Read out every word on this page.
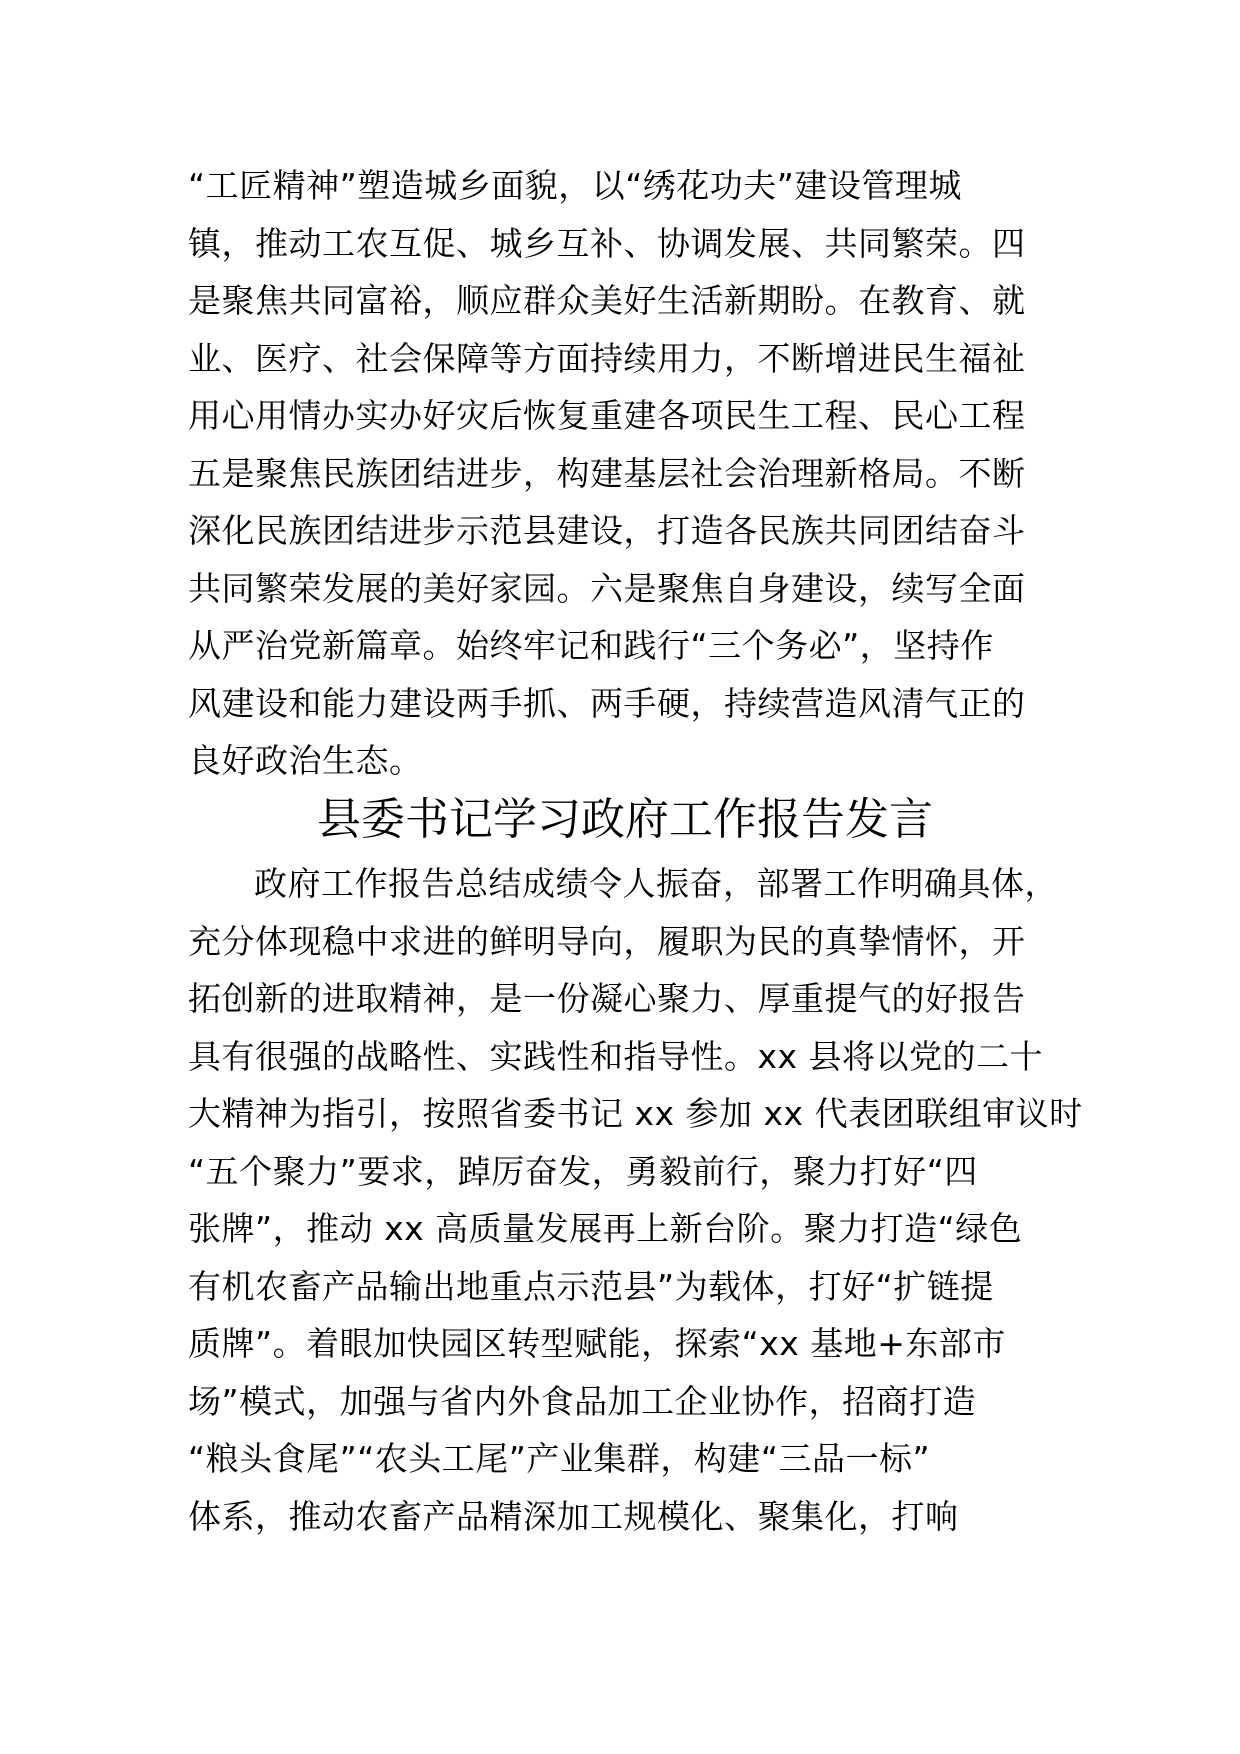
“工匠精神”塑造城乡面貌，以“绣花功夫”建设管理城
镇，推动工农互促、城乡互补、协调发展、共同繁荣。四
是聚焦共同富裕，顺应群众美好生活新期盼。在教育、就
业、医疗、社会保障等方面持续用力，不断增进民生福祉
用心用情办实办好灾后恢复重建各项民生工程、民心工程
五是聚焦民族团结进步，构建基层社会治理新格局。不断
深化民族团结进步示范县建设，打造各民族共同团结奋斗
共同繁荣发展的美好家园。六是聚焦自身建设，续写全面
从严治党新篇章。始终牢记和践行“三个务必”，坚持作
风建设和能力建设两手抓、两手硬，持续营造风清气正的
良好政治生态。
县委书记学习政府工作报告发言
政府工作报告总结成绩令人振奋，部署工作明确具体，
充分体现稳中求进的鲜明导向，履职为民的真挚情怀，开
拓创新的进取精神，是一份凝心聚力、厚重提气的好报告
具有很强的战略性、实践性和指导性。xx 县将以党的二十
大精神为指引，按照省委书记 xx 参加 xx 代表团联组审议时
“五个聚力”要求，踔厉奋发，勇毅前行，聚力打好“四
张牌”，推动 xx 高质量发展再上新台阶。聚力打造“绿色
有机农畜产品输出地重点示范县”为载体，打好“扩链提
质牌”。着眼加快园区转型赋能，探索“xx 基地+东部市
场”模式，加强与省内外食品加工企业协作，招商打造
“粮头食尾”“农头工尾”产业集群，构建“三品一标”
体系，推动农畜产品精深加工规模化、聚集化，打响
